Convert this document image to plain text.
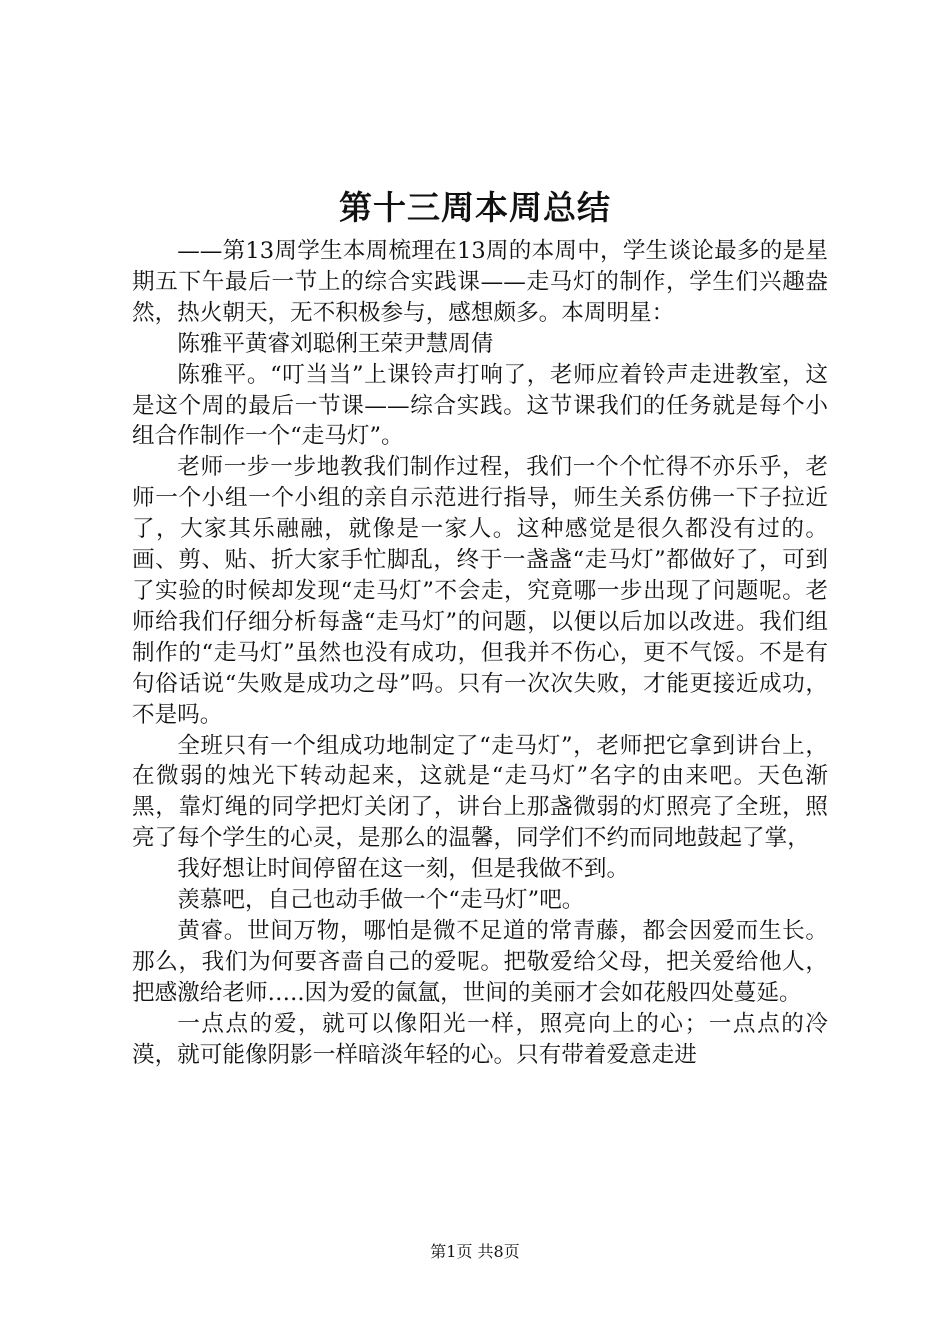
第十三周本周总结

——第13周学生本周梳理在13周的本周中，学生谈论最多的是星期五下午最后一节上的综合实践课——走马灯的制作，学生们兴趣盎然，热火朝天，无不积极参与，感想颇多。本周明星：

陈雅平黄睿刘聪俐王荣尹慧周倩

陈雅平。“叮当当”上课铃声打响了，老师应着铃声走进教室，这是这个周的最后一节课——综合实践。这节课我们的任务就是每个小组合作制作一个“走马灯”。

老师一步一步地教我们制作过程，我们一个个忙得不亦乐乎，老师一个小组一个小组的亲自示范进行指导，师生关系仿佛一下子拉近了，大家其乐融融，就像是一家人。这种感觉是很久都没有过的。画、剪、贴、折大家手忙脚乱，终于一盏盏“走马灯”都做好了，可到了实验的时候却发现“走马灯”不会走，究竟哪一步出现了问题呢。老师给我们仔细分析每盏“走马灯”的问题，以便以后加以改进。我们组制作的“走马灯”虽然也没有成功，但我并不伤心，更不气馁。不是有句俗话说“失败是成功之母”吗。只有一次次失败，才能更接近成功，不是吗。

全班只有一个组成功地制定了“走马灯”，老师把它拿到讲台上，在微弱的烛光下转动起来，这就是“走马灯”名字的由来吧。天色渐黑，靠灯绳的同学把灯关闭了，讲台上那盏微弱的灯照亮了全班，照亮了每个学生的心灵，是那么的温馨，同学们不约而同地鼓起了掌，

我好想让时间停留在这一刻，但是我做不到。

羡慕吧，自己也动手做一个“走马灯”吧。

黄睿。世间万物，哪怕是微不足道的常青藤，都会因爱而生长。那么，我们为何要吝啬自己的爱呢。把敬爱给父母，把关爱给他人，把感激给老师…..因为爱的氤氲，世间的美丽才会如花般四处蔓延。

一点点的爱，就可以像阳光一样，照亮向上的心；一点点的冷漠，就可能像阴影一样暗淡年轻的心。只有带着爱意走进

第1页 共8页
